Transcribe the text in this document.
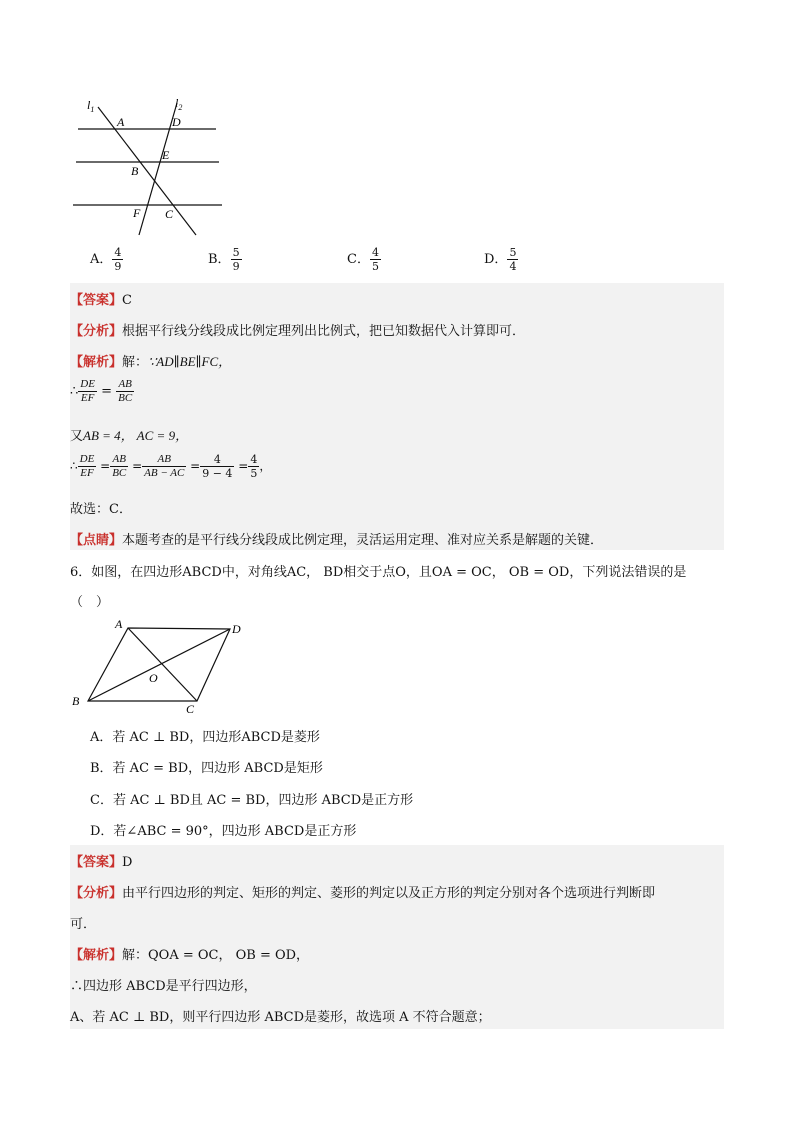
$l_1$	$l_2$
A	D
E
B
F C
A． $\frac{4}{9}$	B． $\frac{5}{9}$	C． $\frac{4}{5}$	D． $\frac{5}{4}$
【答案】C
【分析】根据平行线分线段成比例定理列出比例式，把已知数据代入计算即可．
【解析】解：∵AD∥BE∥FC，
∴ $\frac{DE}{EF} = \frac{AB}{BC}$
又AB = 4， AC = 9，
∴ $\frac{DE}{EF} = \frac{AB}{BC} = \frac{AB}{AB - AC} = \frac{4}{9 - 4} = \frac{4}{5}$ ，
故选：C．
【点睛】本题考查的是平行线分线段成比例定理，灵活运用定理、准对应关系是解题的关键．
6．如图，在四边形ABCD中，对角线AC， BD相交于点O，且OA = OC， OB = OD，下列说法错误的是
（　）
A	D
B
C
O
A．若 AC ⊥ BD，四边形ABCD是菱形
B．若 AC = BD，四边形 ABCD是矩形
C．若 AC ⊥ BD且 AC = BD，四边形 ABCD是正方形
D．若∠ABC = 90°，四边形 ABCD是正方形
【答案】D
【分析】由平行四边形的判定、矩形的判定、菱形的判定以及正方形的判定分别对各个选项进行判断即
可．
【解析】解：QOA = OC， OB = OD，
∴四边形 ABCD是平行四边形，
A、若 AC ⊥ BD，则平行四边形 ABCD是菱形，故选项 A 不符合题意；
